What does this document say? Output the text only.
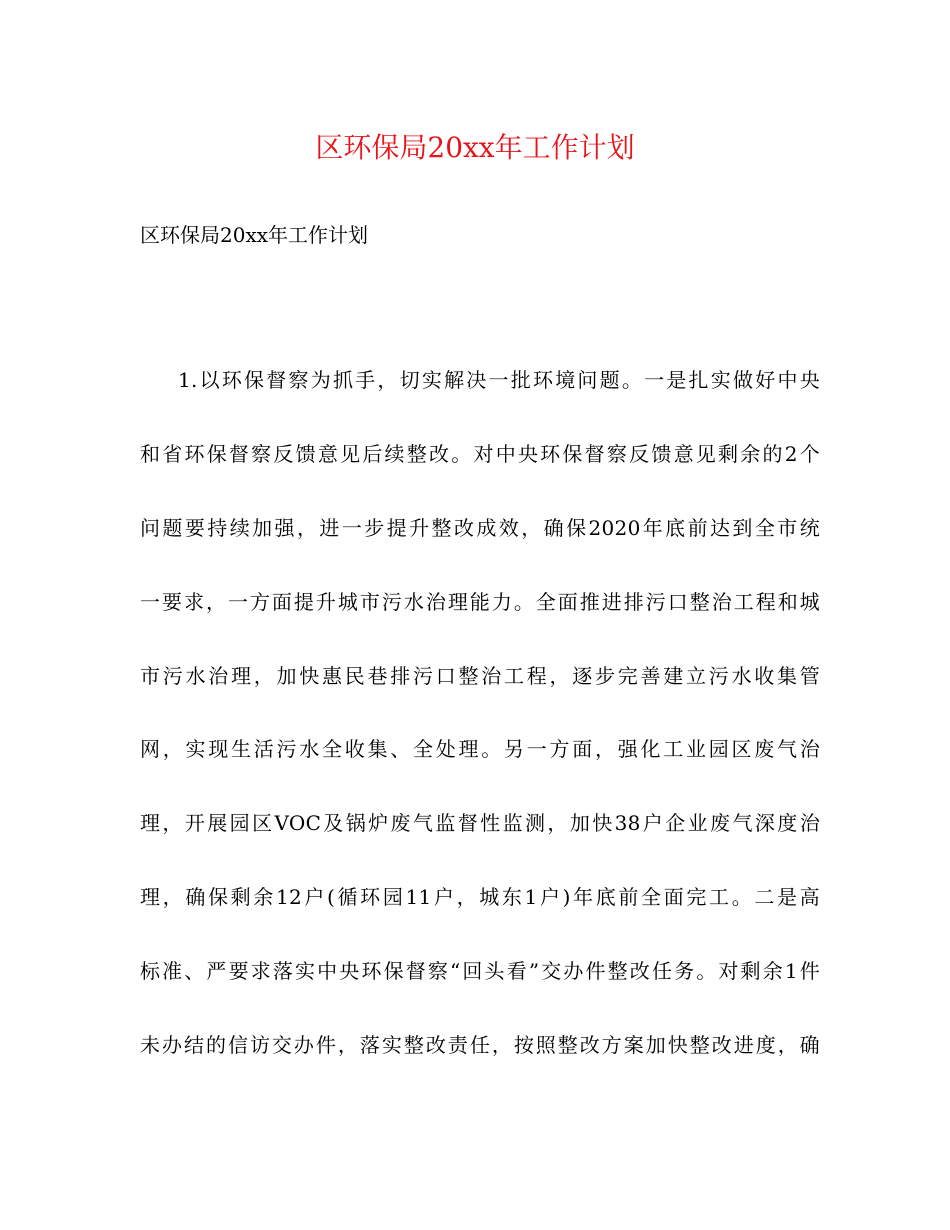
区环保局20xx年工作计划

区环保局20xx年工作计划

1.以环保督察为抓手，切实解决一批环境问题。一是扎实做好中央
和省环保督察反馈意见后续整改。对中央环保督察反馈意见剩余的2个
问题要持续加强，进一步提升整改成效，确保2020年底前达到全市统
一要求，一方面提升城市污水治理能力。全面推进排污口整治工程和城
市污水治理，加快惠民巷排污口整治工程，逐步完善建立污水收集管
网，实现生活污水全收集、全处理。另一方面，强化工业园区废气治
理，开展园区VOC及锅炉废气监督性监测，加快38户企业废气深度治
理，确保剩余12户(循环园11户，城东1户)年底前全面完工。二是高
标准、严要求落实中央环保督察“回头看”交办件整改任务。对剩余1件
未办结的信访交办件，落实整改责任，按照整改方案加快整改进度，确
